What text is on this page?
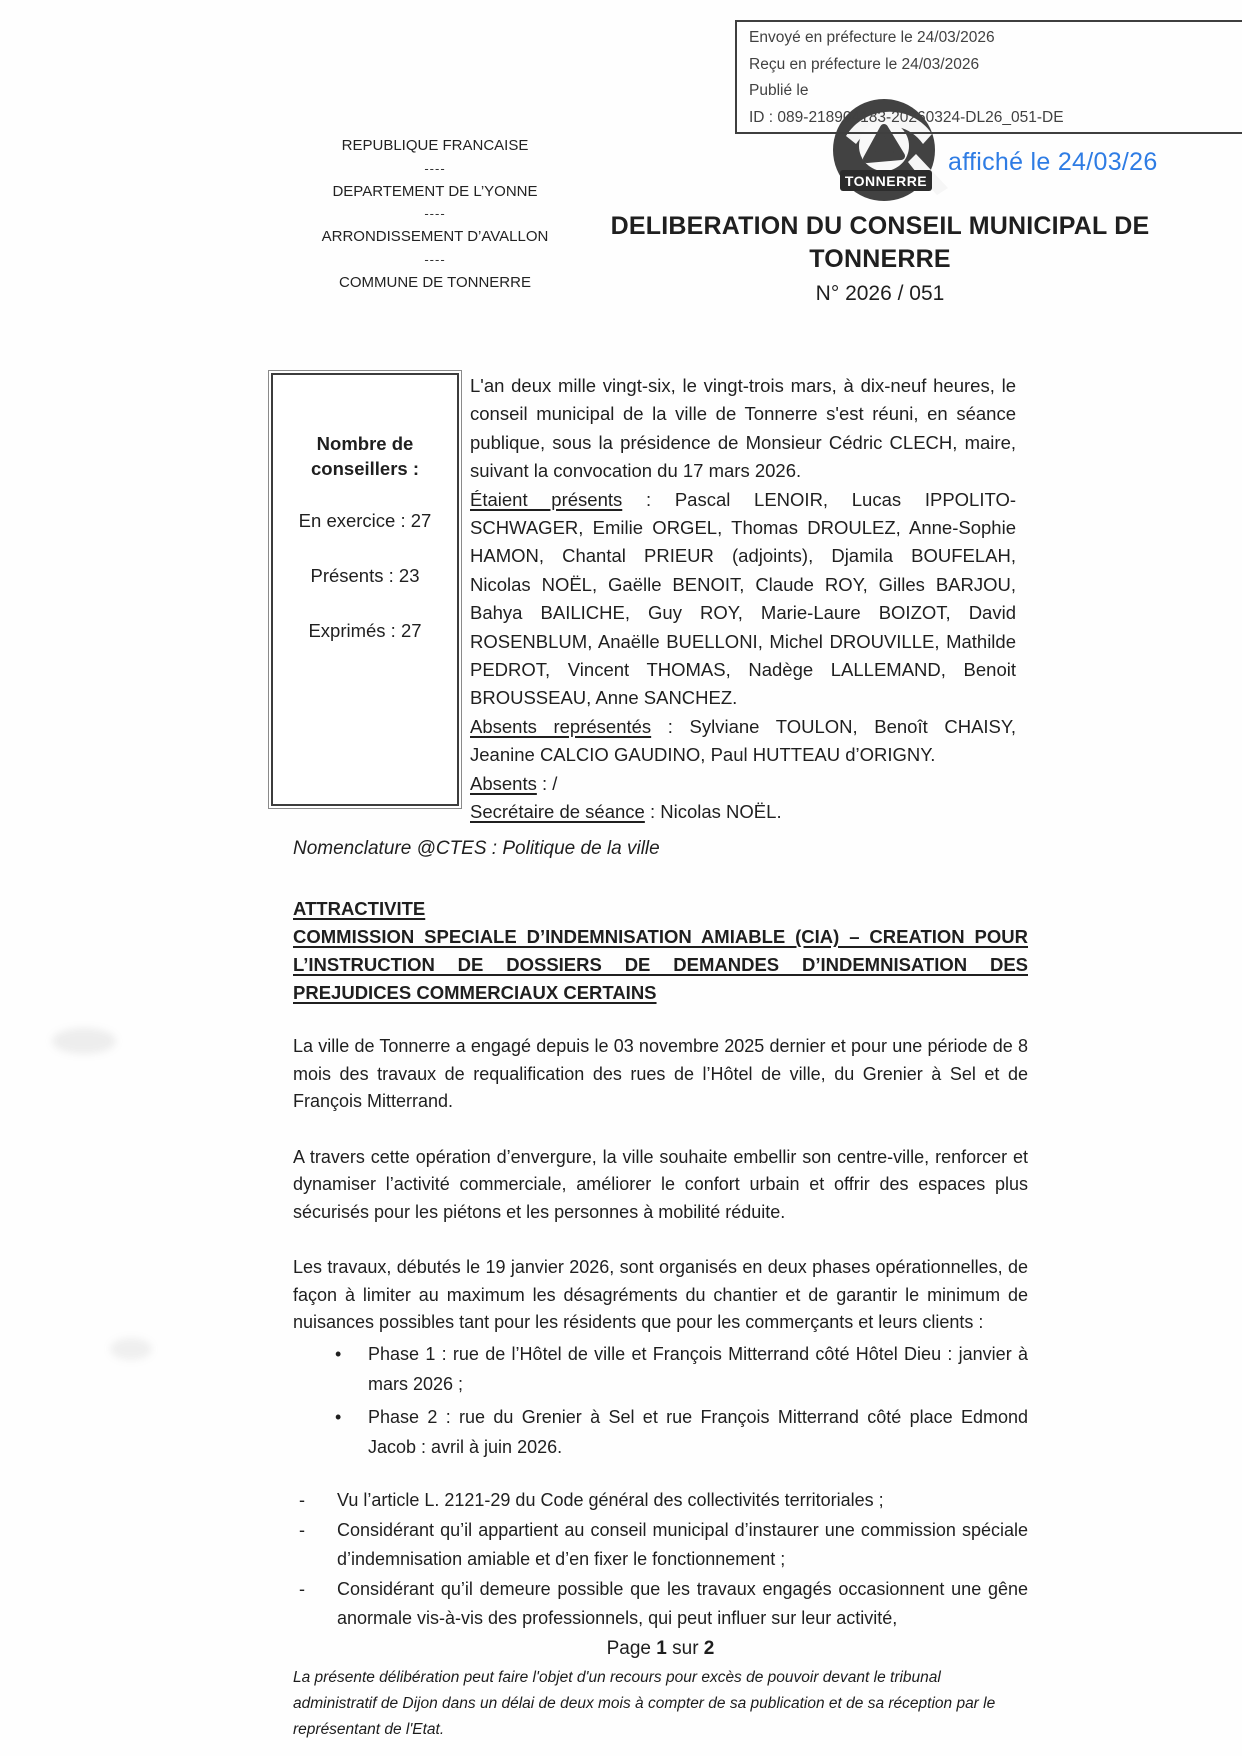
TONNERRE
Envoyé en préfecture le 24/03/2026
Reçu en préfecture le 24/03/2026
Publié le
ID : 089-218904183-20260324-DL26_051-DE
affiché le 24/03/26
REPUBLIQUE FRANCAISE
----
DEPARTEMENT DE L’YONNE
----
ARRONDISSEMENT D’AVALLON
----
COMMUNE DE TONNERRE
DELIBERATION DU CONSEIL MUNICIPAL DE
TONNERRE
N° 2026 / 051
Nombre de conseillers :
En exercice : 27
Présents : 23
Exprimés : 27

L'an deux mille vingt-six, le vingt-trois mars, à dix-neuf heures, le conseil municipal de la ville de Tonnerre s'est réuni, en séance publique, sous la présidence de Monsieur Cédric CLECH, maire, suivant la convocation du 17 mars 2026.

Étaient présents : Pascal LENOIR, Lucas IPPOLITO-SCHWAGER, Emilie ORGEL, Thomas DROULEZ, Anne-Sophie HAMON, Chantal PRIEUR (adjoints), Djamila BOUFELAH, Nicolas NOËL, Gaëlle BENOIT, Claude ROY, Gilles BARJOU, Bahya BAILICHE, Guy ROY, Marie-Laure BOIZOT, David ROSENBLUM, Anaëlle BUELLONI, Michel DROUVILLE, Mathilde PEDROT, Vincent THOMAS, Nadège LALLEMAND, Benoit BROUSSEAU, Anne SANCHEZ.

Absents représentés : Sylviane TOULON, Benoît CHAISY, Jeanine CALCIO GAUDINO, Paul HUTTEAU d’ORIGNY.

Absents : /

Secrétaire de séance : Nicolas NOËL.

Nomenclature @CTES : Politique de la ville

ATTRACTIVITE

COMMISSION SPECIALE D’INDEMNISATION AMIABLE (CIA) – CREATION POUR L’INSTRUCTION DE DOSSIERS DE DEMANDES D’INDEMNISATION DES PREJUDICES COMMERCIAUX CERTAINS

La ville de Tonnerre a engagé depuis le 03 novembre 2025 dernier et pour une période de 8 mois des travaux de requalification des rues de l’Hôtel de ville, du Grenier à Sel et de François Mitterrand.

A travers cette opération d’envergure, la ville souhaite embellir son centre-ville, renforcer et dynamiser l’activité commerciale, améliorer le confort urbain et offrir des espaces plus sécurisés pour les piétons et les personnes à mobilité réduite.

Les travaux, débutés le 19 janvier 2026, sont organisés en deux phases opérationnelles, de façon à limiter au maximum les désagréments du chantier et de garantir le minimum de nuisances possibles tant pour les résidents que pour les commerçants et leurs clients :

•	Phase 1 : rue de l’Hôtel de ville et François Mitterrand côté Hôtel Dieu : janvier à mars 2026 ;
•	Phase 2 : rue du Grenier à Sel et rue François Mitterrand côté place Edmond Jacob : avril à juin 2026.
-	Vu l’article L. 2121-29 du Code général des collectivités territoriales ;
-	Considérant qu’il appartient au conseil municipal d’instaurer une commission spéciale d’indemnisation amiable et d’en fixer le fonctionnement ;
-	Considérant qu’il demeure possible que les travaux engagés occasionnent une gêne anormale vis-à-vis des professionnels, qui peut influer sur leur activité,
Page 1 sur 2
La présente délibération peut faire l'objet d'un recours pour excès de pouvoir devant le tribunal administratif de Dijon dans un délai de deux mois à compter de sa publication et de sa réception par le représentant de l'Etat.
